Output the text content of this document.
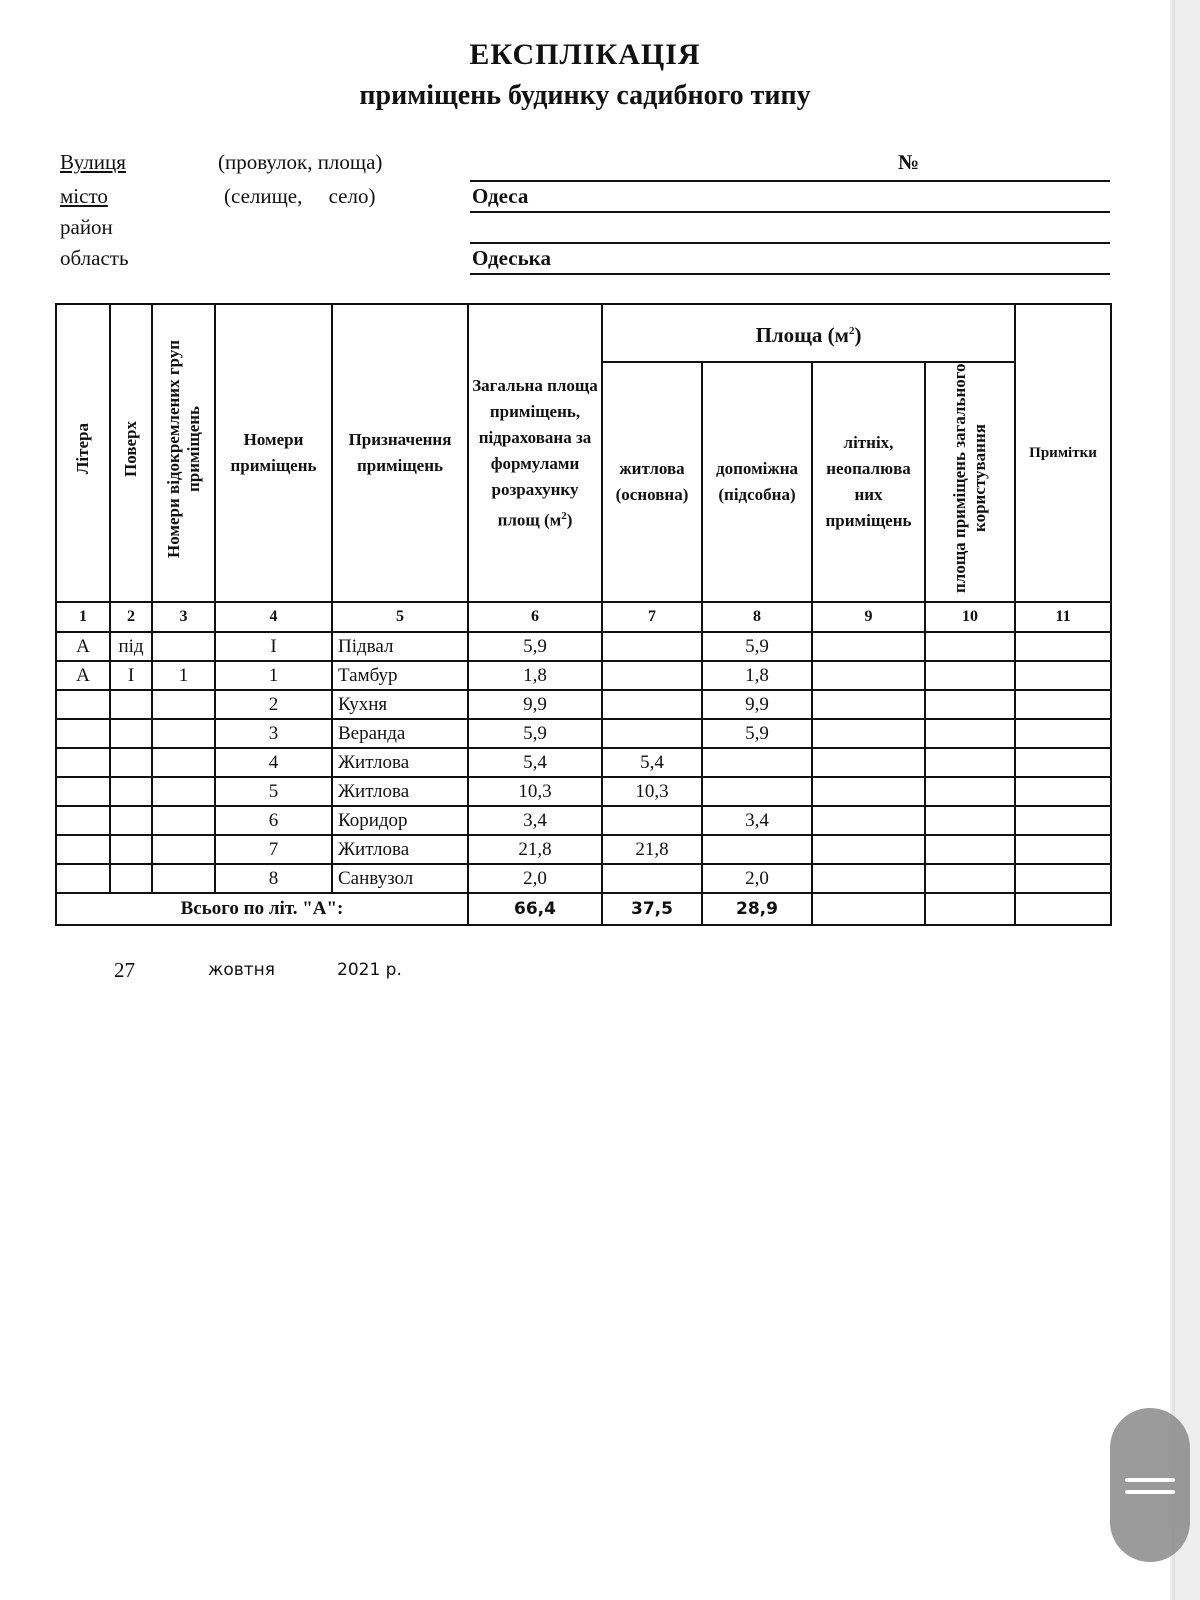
ЕКСПЛІКАЦІЯ
приміщень будинку садибного типу
Вулиця	(провулок, площа)	№
місто	(селище,     село)	Одеса
район
область	Одеська
Літера	Поверх	Номери відокремлених груп приміщень	Номери приміщень	Призначення приміщень	Загальна площа приміщень, підрахована за формулами розрахунку площ $(м^2)$	Площа $(м^2)$				Примітки
						житлова (основна)	допоміжна (підсобна)	літніх, неопалюва них приміщень	площа приміщень загального користування	
1	2	3	4	5	6	7	8	9	10	11
А	під		I	Підвал	5,9		5,9			
А	I	1	1	Тамбур	1,8		1,8			
			2	Кухня	9,9		9,9			
			3	Веранда	5,9		5,9			
			4	Житлова	5,4	5,4				
			5	Житлова	10,3	10,3				
			6	Коридор	3,4		3,4			
			7	Житлова	21,8	21,8				
			8	Санвузол	2,0		2,0			
Всього по літ. "А":					66,4	37,5	28,9			
27	жовтня	2021 р.
